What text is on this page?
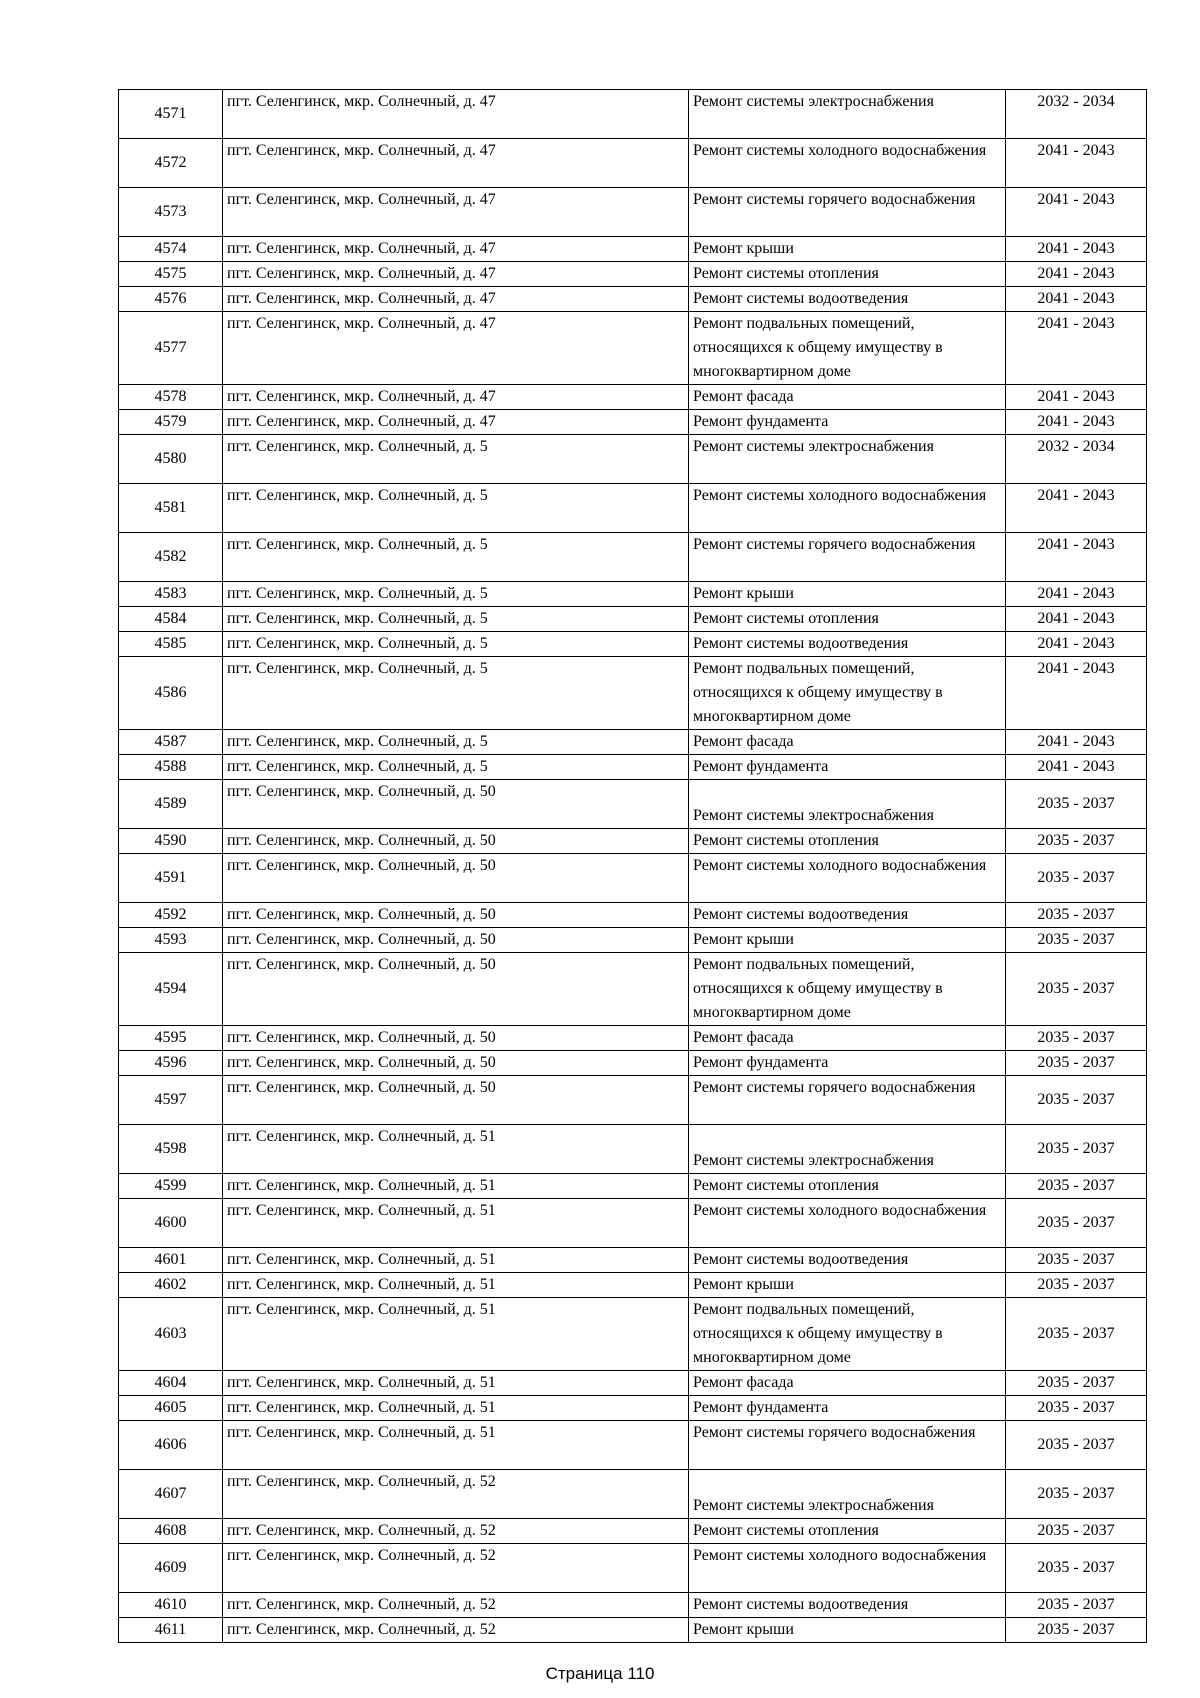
4571	пгт. Селенгинск, мкр. Солнечный, д. 47	Ремонт системы электроснабжения	2032 - 2034
4572	пгт. Селенгинск, мкр. Солнечный, д. 47	Ремонт системы холодного водоснабжения	2041 - 2043
4573	пгт. Селенгинск, мкр. Солнечный, д. 47	Ремонт системы горячего водоснабжения	2041 - 2043
4574	пгт. Селенгинск, мкр. Солнечный, д. 47	Ремонт крыши	2041 - 2043
4575	пгт. Селенгинск, мкр. Солнечный, д. 47	Ремонт системы отопления	2041 - 2043
4576	пгт. Селенгинск, мкр. Солнечный, д. 47	Ремонт системы водоотведения	2041 - 2043
4577	пгт. Селенгинск, мкр. Солнечный, д. 47	Ремонт подвальных помещений, относящихся к общему имуществу в многоквартирном доме	2041 - 2043
4578	пгт. Селенгинск, мкр. Солнечный, д. 47	Ремонт фасада	2041 - 2043
4579	пгт. Селенгинск, мкр. Солнечный, д. 47	Ремонт фундамента	2041 - 2043
4580	пгт. Селенгинск, мкр. Солнечный, д. 5	Ремонт системы электроснабжения	2032 - 2034
4581	пгт. Селенгинск, мкр. Солнечный, д. 5	Ремонт системы холодного водоснабжения	2041 - 2043
4582	пгт. Селенгинск, мкр. Солнечный, д. 5	Ремонт системы горячего водоснабжения	2041 - 2043
4583	пгт. Селенгинск, мкр. Солнечный, д. 5	Ремонт крыши	2041 - 2043
4584	пгт. Селенгинск, мкр. Солнечный, д. 5	Ремонт системы отопления	2041 - 2043
4585	пгт. Селенгинск, мкр. Солнечный, д. 5	Ремонт системы водоотведения	2041 - 2043
4586	пгт. Селенгинск, мкр. Солнечный, д. 5	Ремонт подвальных помещений, относящихся к общему имуществу в многоквартирном доме	2041 - 2043
4587	пгт. Селенгинск, мкр. Солнечный, д. 5	Ремонт фасада	2041 - 2043
4588	пгт. Селенгинск, мкр. Солнечный, д. 5	Ремонт фундамента	2041 - 2043
4589	пгт. Селенгинск, мкр. Солнечный, д. 50	Ремонт системы электроснабжения	2035 - 2037
4590	пгт. Селенгинск, мкр. Солнечный, д. 50	Ремонт системы отопления	2035 - 2037
4591	пгт. Селенгинск, мкр. Солнечный, д. 50	Ремонт системы холодного водоснабжения	2035 - 2037
4592	пгт. Селенгинск, мкр. Солнечный, д. 50	Ремонт системы водоотведения	2035 - 2037
4593	пгт. Селенгинск, мкр. Солнечный, д. 50	Ремонт крыши	2035 - 2037
4594	пгт. Селенгинск, мкр. Солнечный, д. 50	Ремонт подвальных помещений, относящихся к общему имуществу в многоквартирном доме	2035 - 2037
4595	пгт. Селенгинск, мкр. Солнечный, д. 50	Ремонт фасада	2035 - 2037
4596	пгт. Селенгинск, мкр. Солнечный, д. 50	Ремонт фундамента	2035 - 2037
4597	пгт. Селенгинск, мкр. Солнечный, д. 50	Ремонт системы горячего водоснабжения	2035 - 2037
4598	пгт. Селенгинск, мкр. Солнечный, д. 51	Ремонт системы электроснабжения	2035 - 2037
4599	пгт. Селенгинск, мкр. Солнечный, д. 51	Ремонт системы отопления	2035 - 2037
4600	пгт. Селенгинск, мкр. Солнечный, д. 51	Ремонт системы холодного водоснабжения	2035 - 2037
4601	пгт. Селенгинск, мкр. Солнечный, д. 51	Ремонт системы водоотведения	2035 - 2037
4602	пгт. Селенгинск, мкр. Солнечный, д. 51	Ремонт крыши	2035 - 2037
4603	пгт. Селенгинск, мкр. Солнечный, д. 51	Ремонт подвальных помещений, относящихся к общему имуществу в многоквартирном доме	2035 - 2037
4604	пгт. Селенгинск, мкр. Солнечный, д. 51	Ремонт фасада	2035 - 2037
4605	пгт. Селенгинск, мкр. Солнечный, д. 51	Ремонт фундамента	2035 - 2037
4606	пгт. Селенгинск, мкр. Солнечный, д. 51	Ремонт системы горячего водоснабжения	2035 - 2037
4607	пгт. Селенгинск, мкр. Солнечный, д. 52	Ремонт системы электроснабжения	2035 - 2037
4608	пгт. Селенгинск, мкр. Солнечный, д. 52	Ремонт системы отопления	2035 - 2037
4609	пгт. Селенгинск, мкр. Солнечный, д. 52	Ремонт системы холодного водоснабжения	2035 - 2037
4610	пгт. Селенгинск, мкр. Солнечный, д. 52	Ремонт системы водоотведения	2035 - 2037
4611	пгт. Селенгинск, мкр. Солнечный, д. 52	Ремонт крыши	2035 - 2037
Страница 110
